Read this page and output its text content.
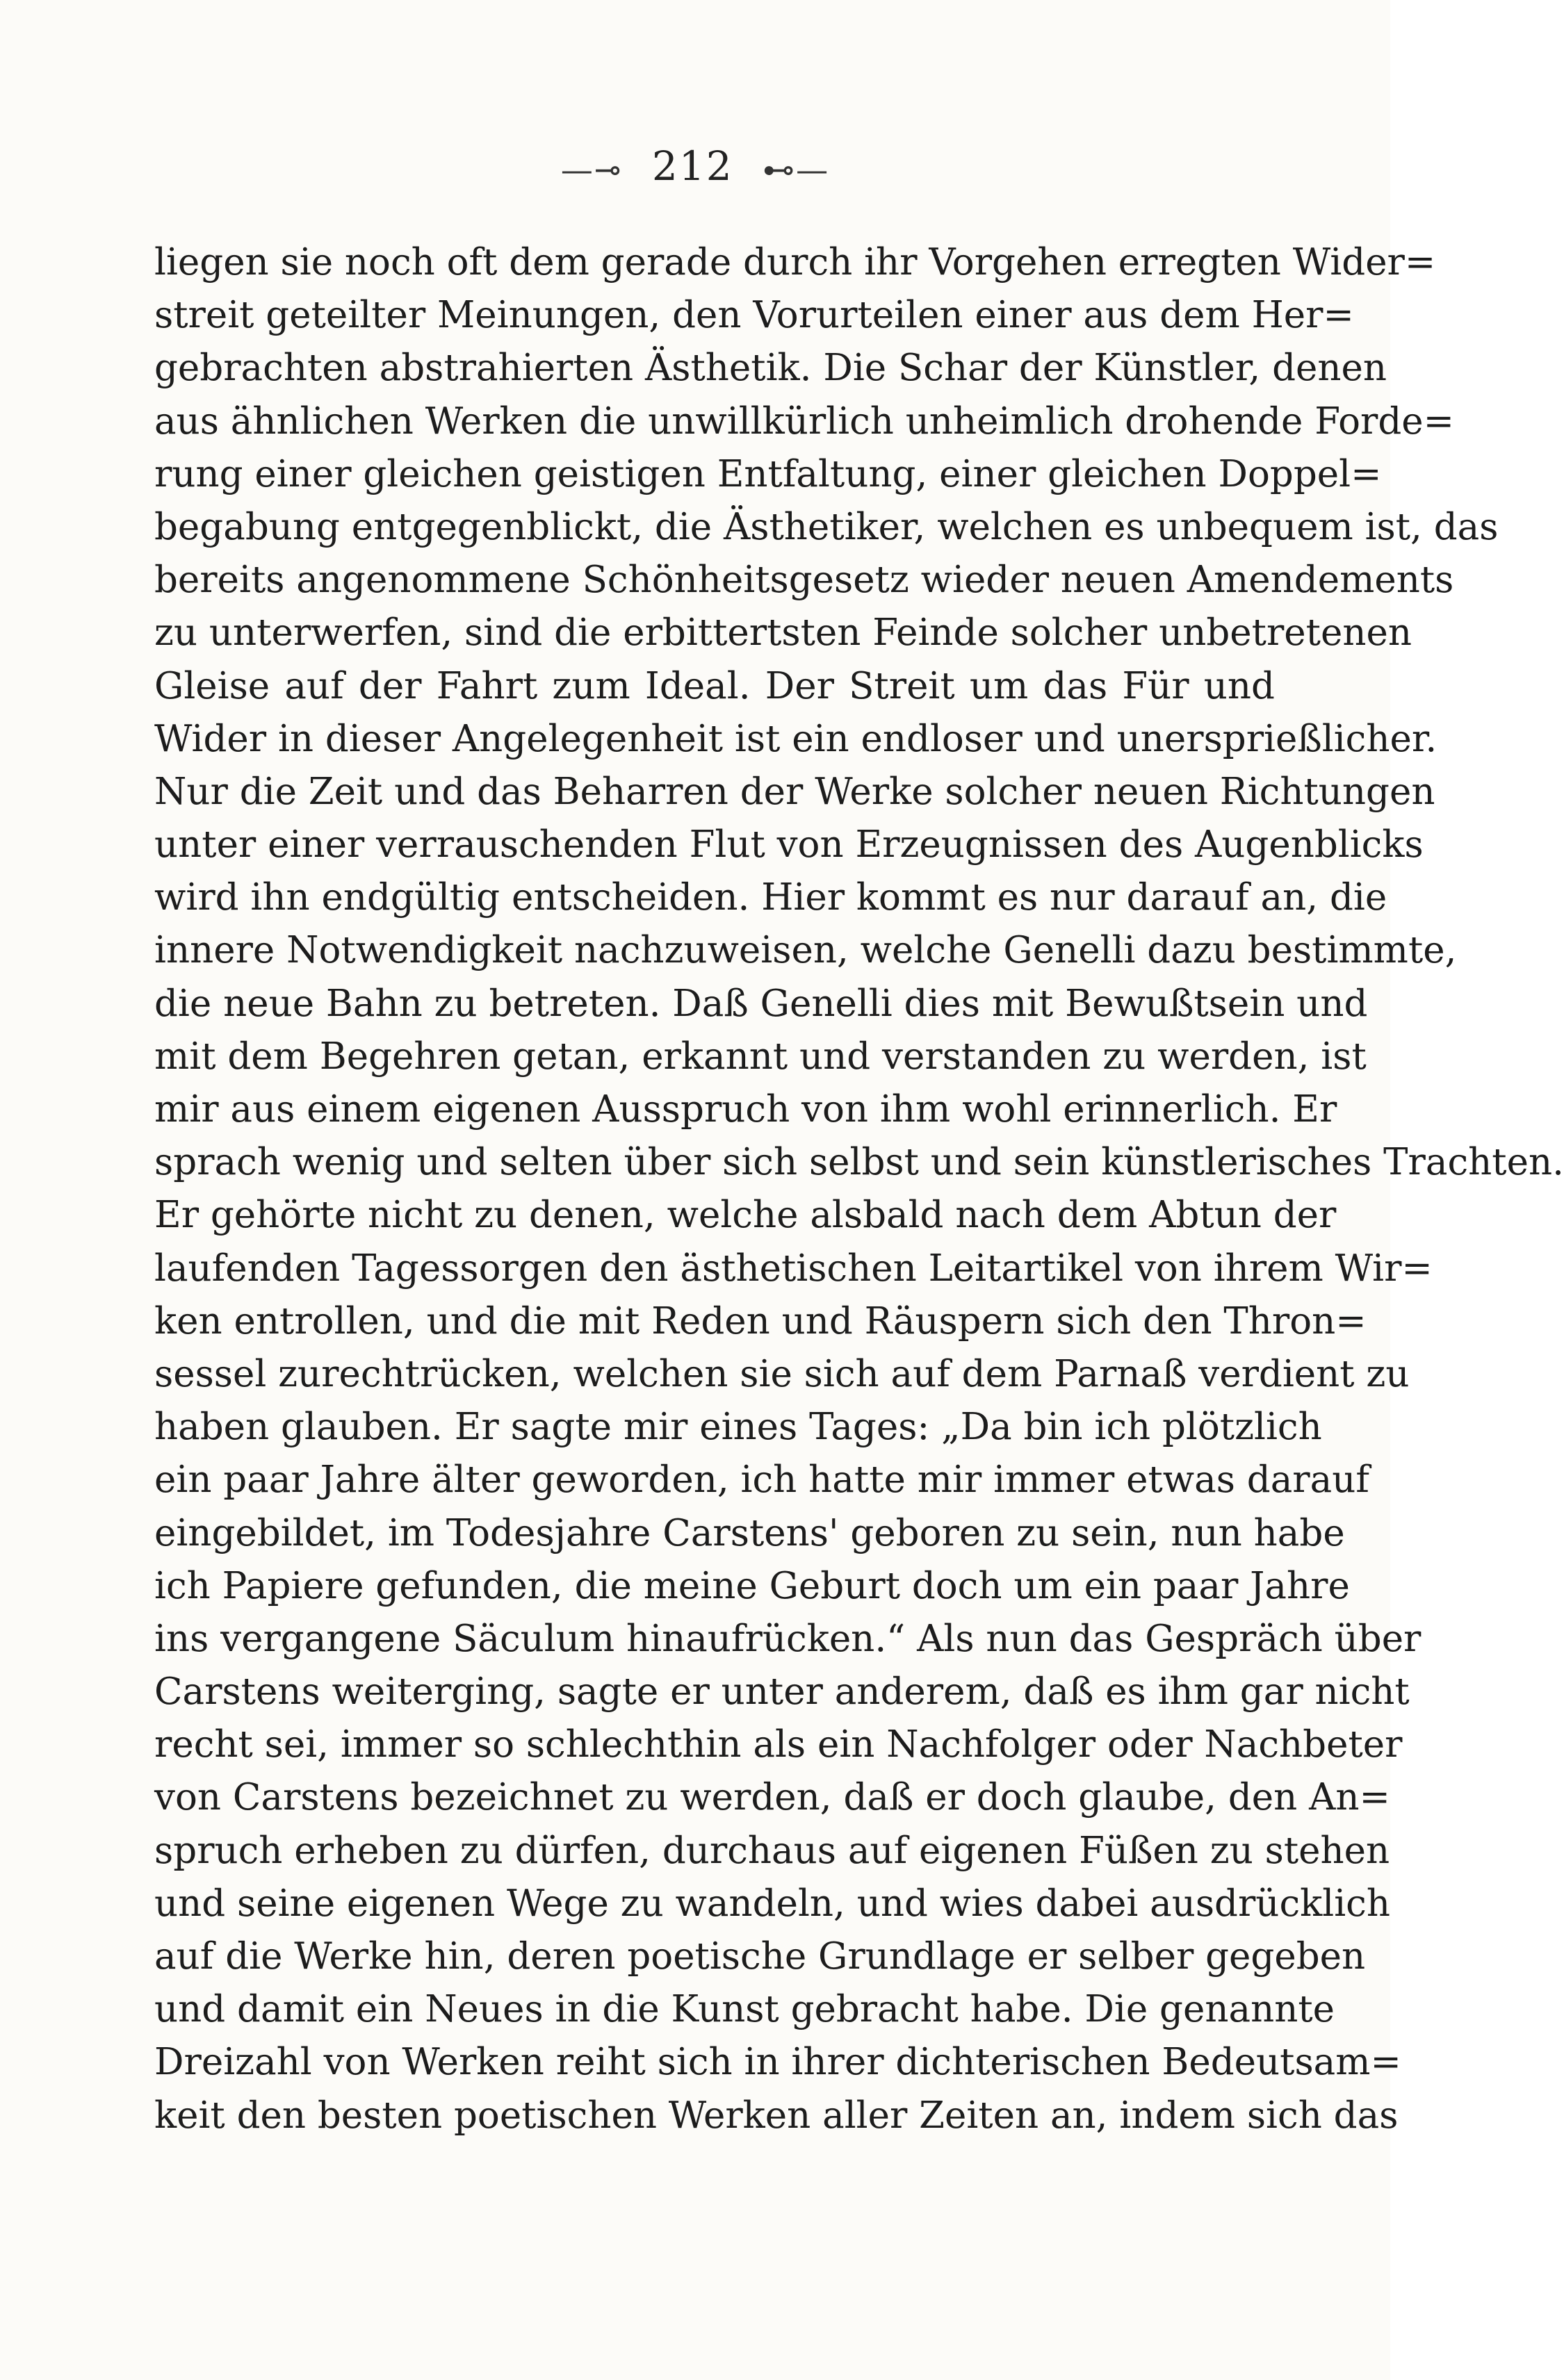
—⊸ 212 ⊷—
liegen sie noch oft dem gerade durch ihr Vorgehen erregten Wider=
streit geteilter Meinungen, den Vorurteilen einer aus dem Her=
gebrachten abstrahierten Ästhetik. Die Schar der Künstler, denen
aus ähnlichen Werken die unwillkürlich unheimlich drohende Forde=
rung einer gleichen geistigen Entfaltung, einer gleichen Doppel=
begabung entgegenblickt, die Ästhetiker, welchen es unbequem ist, das
bereits angenommene Schönheitsgesetz wieder neuen Amendements
zu unterwerfen, sind die erbittertsten Feinde solcher unbetretenen
Gleise auf der Fahrt zum Ideal. Der Streit um das Für und
Wider in dieser Angelegenheit ist ein endloser und unersprießlicher.
Nur die Zeit und das Beharren der Werke solcher neuen Richtungen
unter einer verrauschenden Flut von Erzeugnissen des Augenblicks
wird ihn endgültig entscheiden. Hier kommt es nur darauf an, die
innere Notwendigkeit nachzuweisen, welche Genelli dazu bestimmte,
die neue Bahn zu betreten. Daß Genelli dies mit Bewußtsein und
mit dem Begehren getan, erkannt und verstanden zu werden, ist
mir aus einem eigenen Ausspruch von ihm wohl erinnerlich. Er
sprach wenig und selten über sich selbst und sein künstlerisches Trachten.
Er gehörte nicht zu denen, welche alsbald nach dem Abtun der
laufenden Tagessorgen den ästhetischen Leitartikel von ihrem Wir=
ken entrollen, und die mit Reden und Räuspern sich den Thron=
sessel zurechtrücken, welchen sie sich auf dem Parnaß verdient zu
haben glauben. Er sagte mir eines Tages: „Da bin ich plötzlich
ein paar Jahre älter geworden, ich hatte mir immer etwas darauf
eingebildet, im Todesjahre Carstens' geboren zu sein, nun habe
ich Papiere gefunden, die meine Geburt doch um ein paar Jahre
ins vergangene Säculum hinaufrücken.“ Als nun das Gespräch über
Carstens weiterging, sagte er unter anderem, daß es ihm gar nicht
recht sei, immer so schlechthin als ein Nachfolger oder Nachbeter
von Carstens bezeichnet zu werden, daß er doch glaube, den An=
spruch erheben zu dürfen, durchaus auf eigenen Füßen zu stehen
und seine eigenen Wege zu wandeln, und wies dabei ausdrücklich
auf die Werke hin, deren poetische Grundlage er selber gegeben
und damit ein Neues in die Kunst gebracht habe. Die genannte
Dreizahl von Werken reiht sich in ihrer dichterischen Bedeutsam=
keit den besten poetischen Werken aller Zeiten an, indem sich das
